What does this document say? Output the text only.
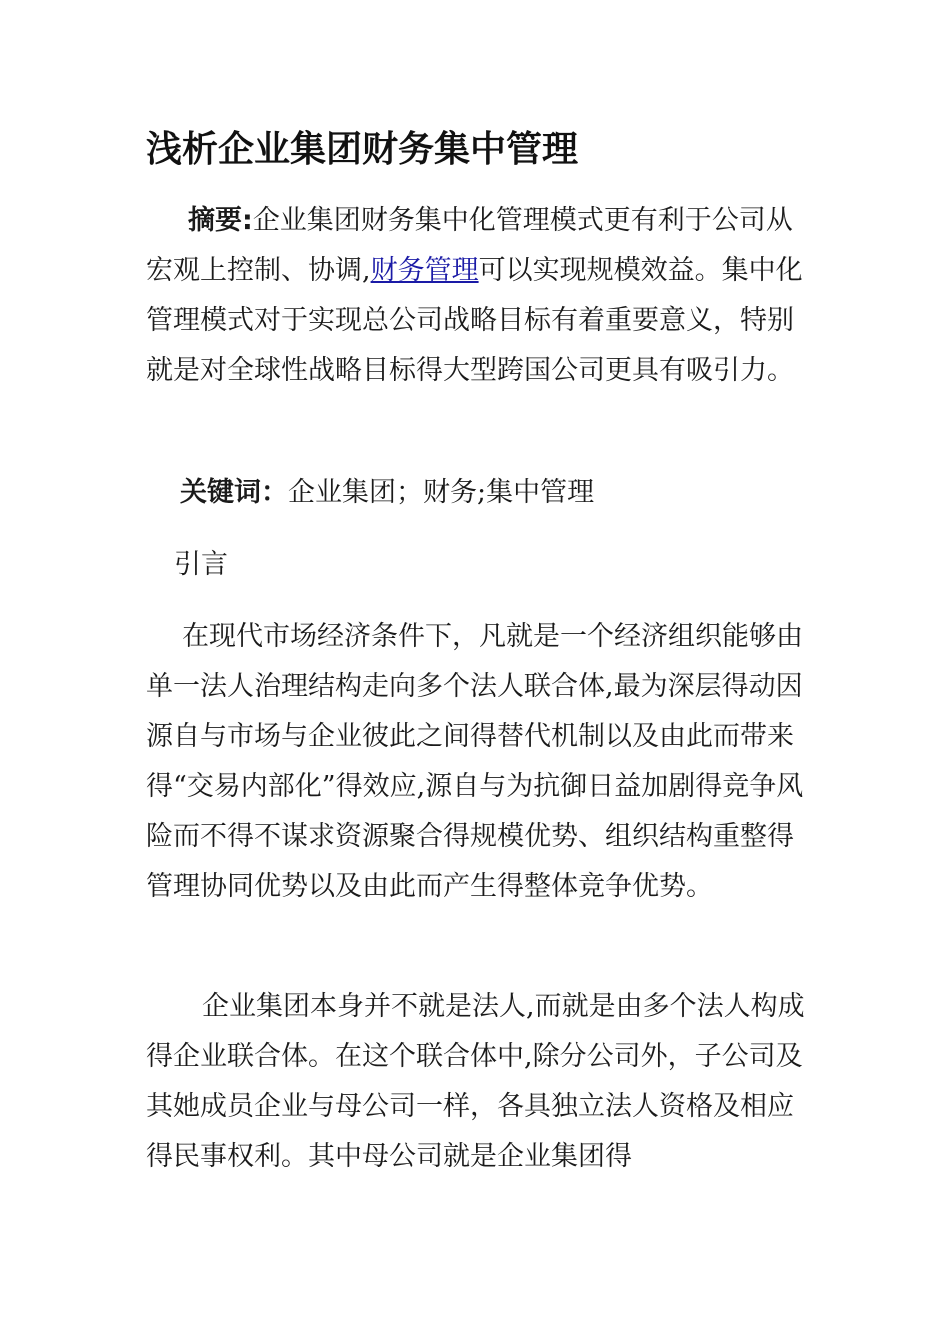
浅析企业集团财务集中管理

摘要:企业集团财务集中化管理模式更有利于公司从宏观上控制、协调,财务管理可以实现规模效益。集中化管理模式对于实现总公司战略目标有着重要意义，特别就是对全球性战略目标得大型跨国公司更具有吸引力。

关键词：企业集团；财务;集中管理

引言

在现代市场经济条件下，凡就是一个经济组织能够由单一法人治理结构走向多个法人联合体,最为深层得动因源自与市场与企业彼此之间得替代机制以及由此而带来得“交易内部化”得效应,源自与为抗御日益加剧得竞争风险而不得不谋求资源聚合得规模优势、组织结构重整得管理协同优势以及由此而产生得整体竞争优势。

企业集团本身并不就是法人,而就是由多个法人构成得企业联合体。在这个联合体中,除分公司外，子公司及其她成员企业与母公司一样，各具独立法人资格及相应得民事权利。其中母公司就是企业集团得
